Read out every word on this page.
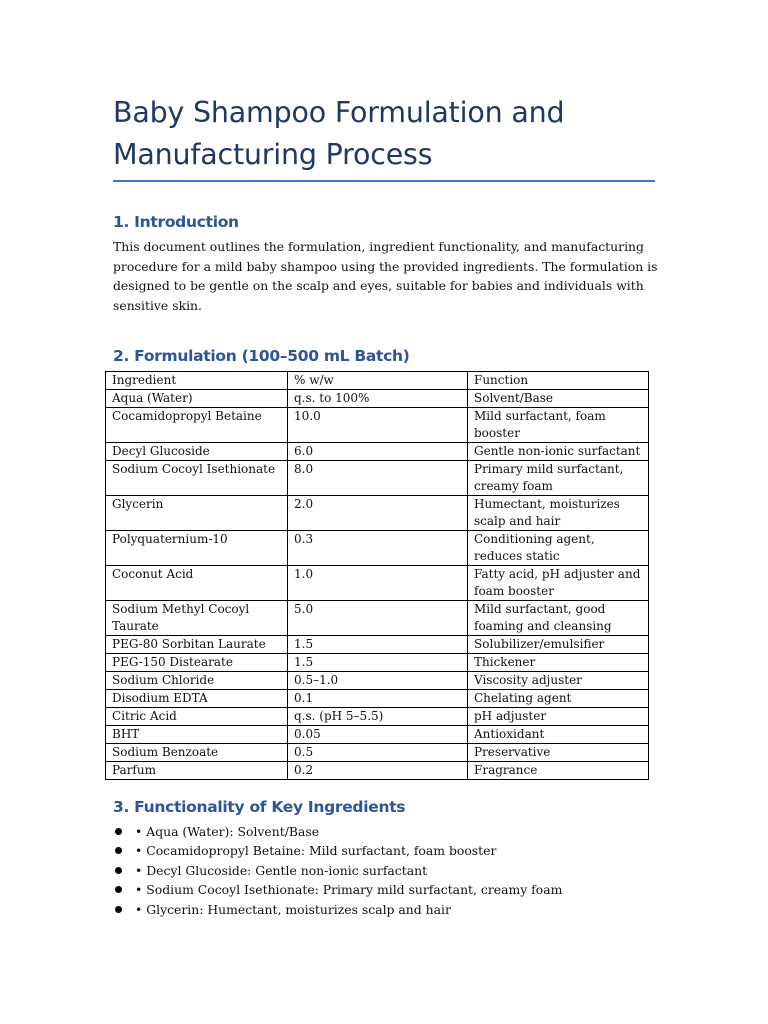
Baby Shampoo Formulation and Manufacturing Process
1. Introduction

This document outlines the formulation, ingredient functionality, and manufacturing procedure for a mild baby shampoo using the provided ingredients. The formulation is designed to be gentle on the scalp and eyes, suitable for babies and individuals with sensitive skin.

2. Formulation (100–500 mL Batch)
Ingredient	% w/w	Function
Aqua (Water)	q.s. to 100%	Solvent/Base
Cocamidopropyl Betaine	10.0	Mild surfactant, foam booster
Decyl Glucoside	6.0	Gentle non-ionic surfactant
Sodium Cocoyl Isethionate	8.0	Primary mild surfactant, creamy foam
Glycerin	2.0	Humectant, moisturizes scalp and hair
Polyquaternium-10	0.3	Conditioning agent, reduces static
Coconut Acid	1.0	Fatty acid, pH adjuster and foam booster
Sodium Methyl Cocoyl Taurate	5.0	Mild surfactant, good foaming and cleansing
PEG-80 Sorbitan Laurate	1.5	Solubilizer/emulsifier
PEG-150 Distearate	1.5	Thickener
Sodium Chloride	0.5–1.0	Viscosity adjuster
Disodium EDTA	0.1	Chelating agent
Citric Acid	q.s. (pH 5–5.5)	pH adjuster
BHT	0.05	Antioxidant
Sodium Benzoate	0.5	Preservative
Parfum	0.2	Fragrance
3. Functionality of Key Ingredients
• Aqua (Water): Solvent/Base
• Cocamidopropyl Betaine: Mild surfactant, foam booster
• Decyl Glucoside: Gentle non-ionic surfactant
• Sodium Cocoyl Isethionate: Primary mild surfactant, creamy foam
• Glycerin: Humectant, moisturizes scalp and hair
